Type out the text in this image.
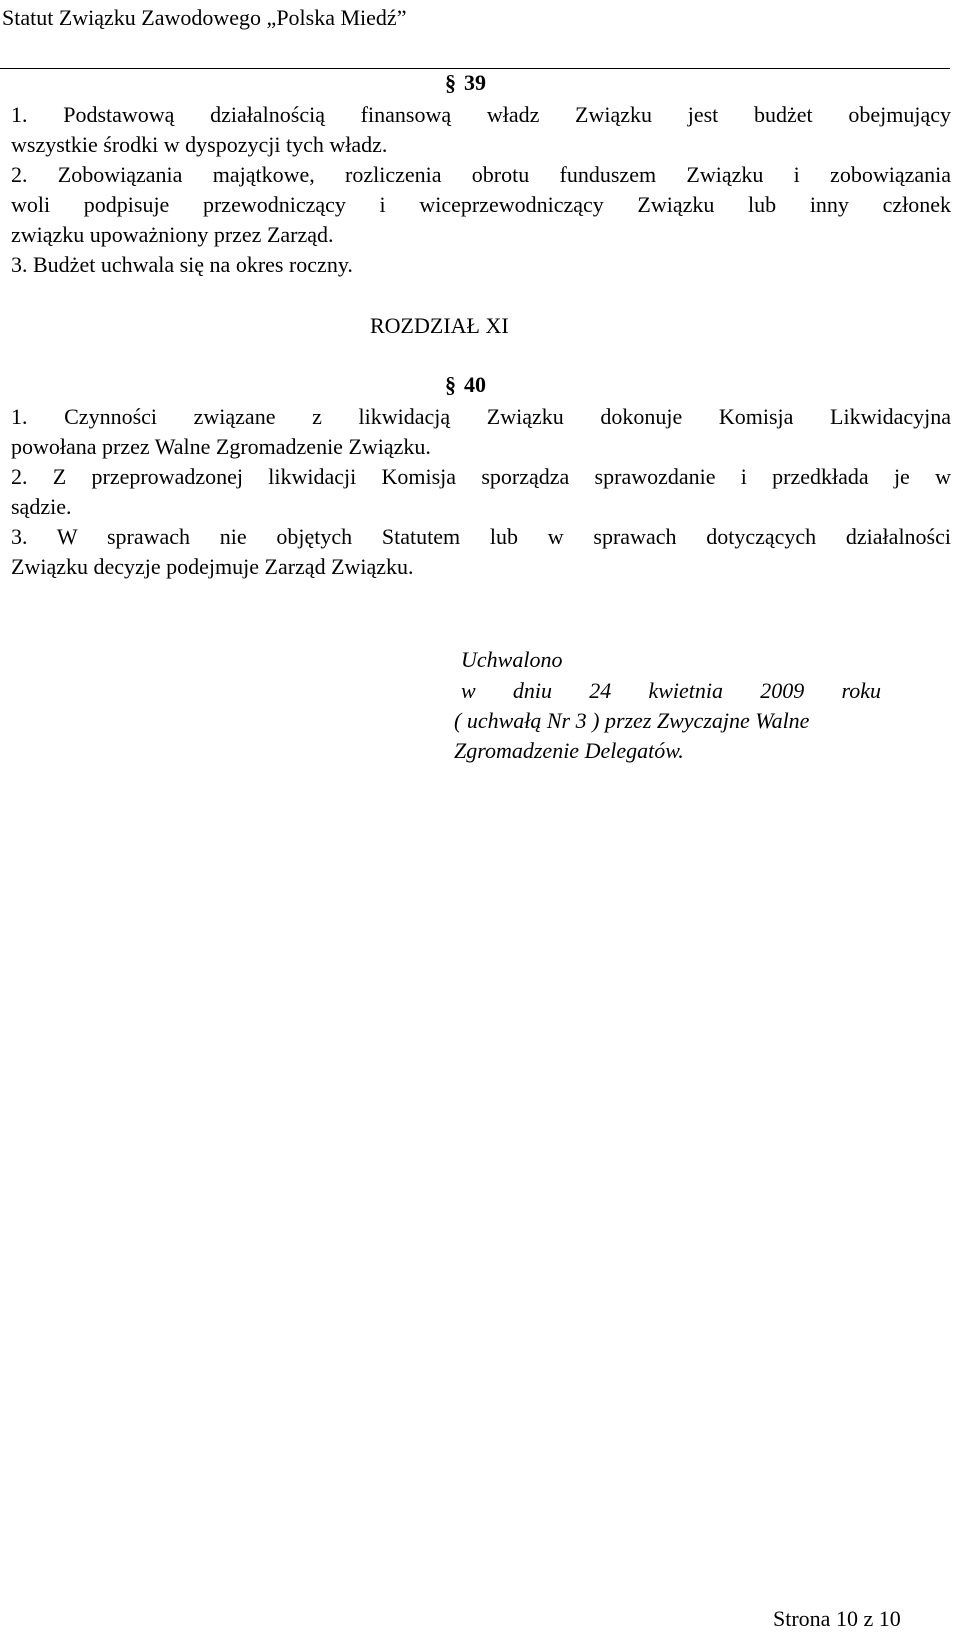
Statut Związku Zawodowego „Polska Miedź”
§ 39
1. Podstawową działalnością finansową władz Związku jest budżet obejmujący
wszystkie środki w dyspozycji tych władz.
2. Zobowiązania majątkowe, rozliczenia obrotu funduszem Związku i zobowiązania
woli podpisuje przewodniczący i wiceprzewodniczący Związku lub inny członek
związku upoważniony przez Zarząd.
3. Budżet uchwala się na okres roczny.
ROZDZIAŁ XI
§ 40
1. Czynności związane z likwidacją Związku dokonuje Komisja Likwidacyjna
powołana przez Walne Zgromadzenie Związku.
2. Z przeprowadzonej likwidacji Komisja sporządza sprawozdanie i przedkłada je w
sądzie.
3. W sprawach nie objętych Statutem lub w sprawach dotyczących działalności
Związku decyzje podejmuje Zarząd Związku.
Uchwalono
w dniu 24 kwietnia 2009 roku
( uchwałą Nr 3 ) przez Zwyczajne Walne
Zgromadzenie Delegatów.
Strona 10 z 10
